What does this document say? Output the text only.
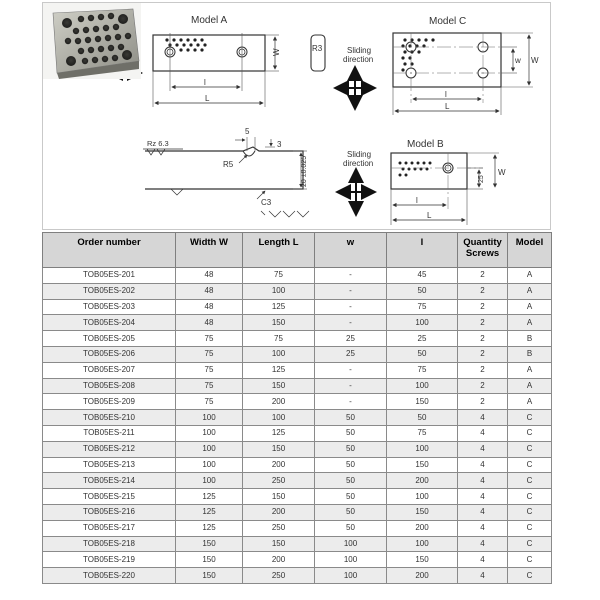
Model A
l
L
W	R3
Model C
l
L
w W
Sliding
direction
5
3
R5
Rz 6.3
20 ±0.025
C3
Model B
l
L
25
W
Sliding
direction
Order number	Width W	Length L	w	l	Quantity
Screws	Model
TOB05ES-201	48	75	-	45	2	A
TOB05ES-202	48	100	-	50	2	A
TOB05ES-203	48	125	-	75	2	A
TOB05ES-204	48	150	-	100	2	A
TOB05ES-205	75	75	25	25	2	B
TOB05ES-206	75	100	25	50	2	B
TOB05ES-207	75	125	-	75	2	A
TOB05ES-208	75	150	-	100	2	A
TOB05ES-209	75	200	-	150	2	A
TOB05ES-210	100	100	50	50	4	C
TOB05ES-211	100	125	50	75	4	C
TOB05ES-212	100	150	50	100	4	C
TOB05ES-213	100	200	50	150	4	C
TOB05ES-214	100	250	50	200	4	C
TOB05ES-215	125	150	50	100	4	C
TOB05ES-216	125	200	50	150	4	C
TOB05ES-217	125	250	50	200	4	C
TOB05ES-218	150	150	100	100	4	C
TOB05ES-219	150	200	100	150	4	C
TOB05ES-220	150	250	100	200	4	C
